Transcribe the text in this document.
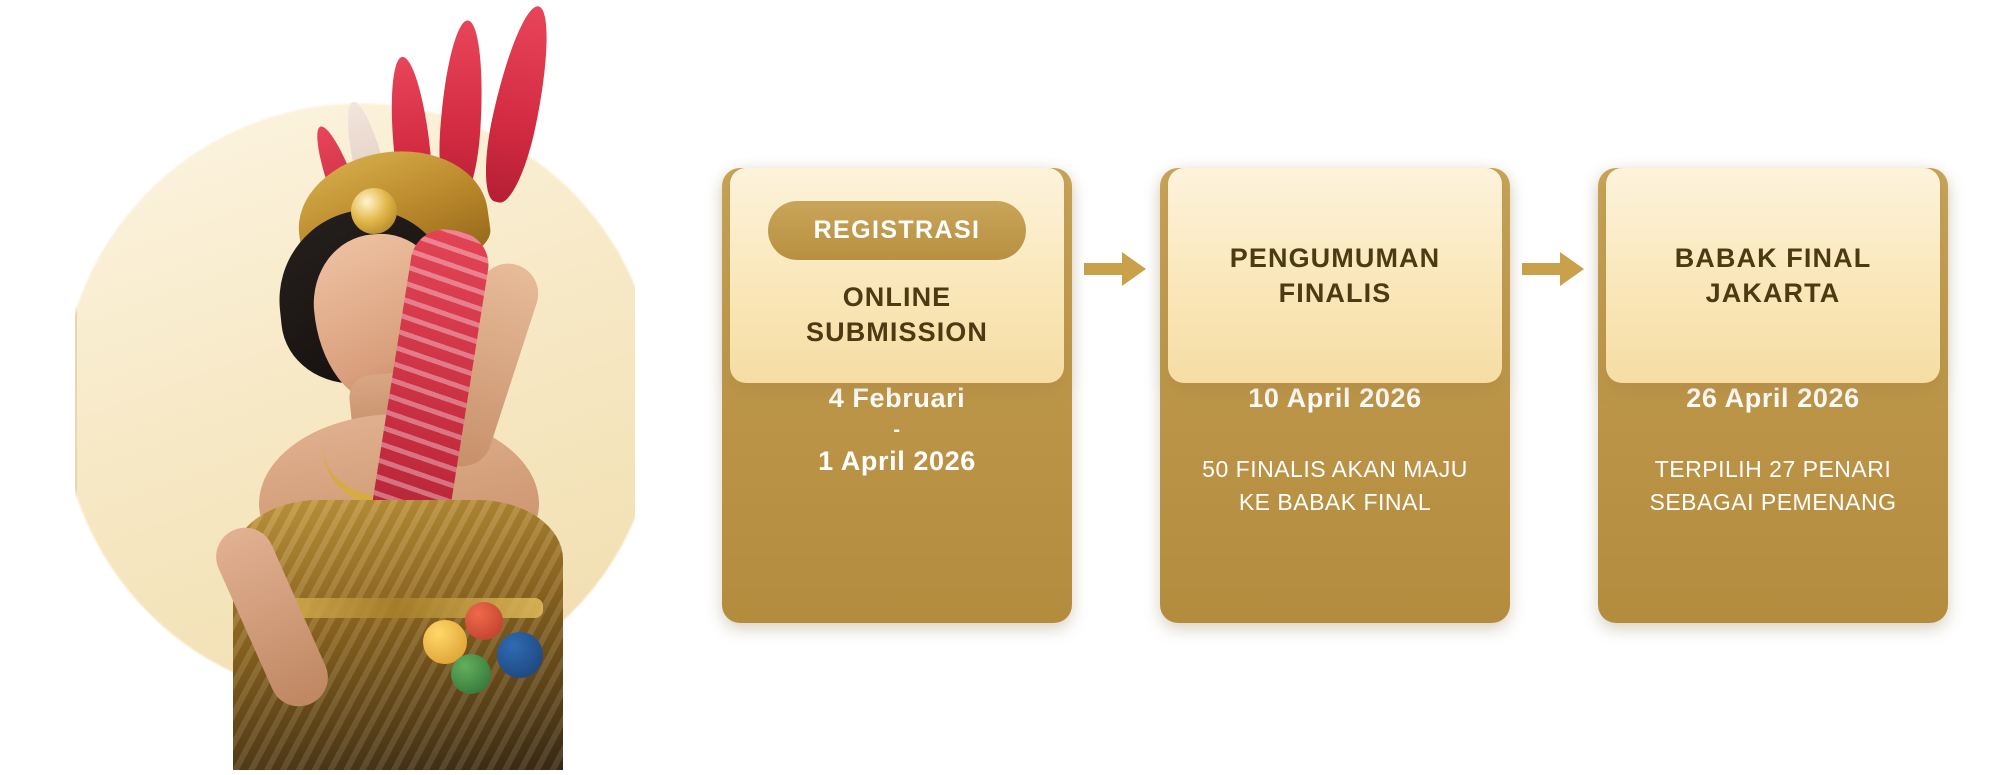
4 Februari
-
1 April 2026
REGISTRASI
ONLINE SUBMISSION
10 April 2026
50 FINALIS AKAN MAJU
KE BABAK FINAL
PENGUMUMAN
FINALIS
26 April 2026
TERPILIH 27 PENARI
SEBAGAI PEMENANG
BABAK FINAL
JAKARTA
